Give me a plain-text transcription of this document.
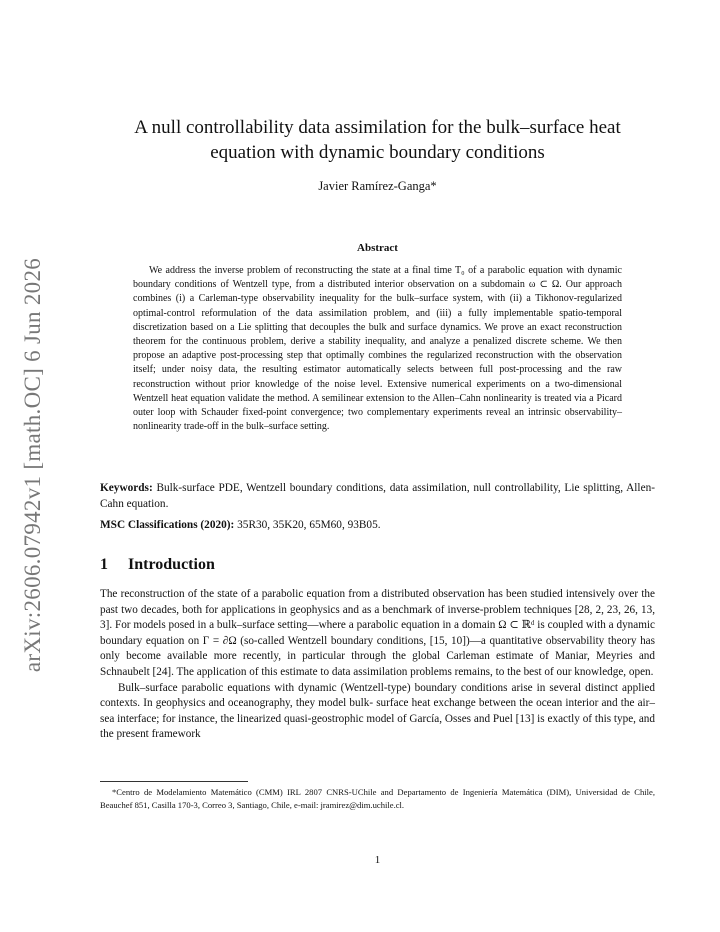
arXiv:2606.07942v1 [math.OC] 6 Jun 2026
A null controllability data assimilation for the bulk–surface heat
equation with dynamic boundary conditions
Javier Ramírez-Ganga*
Abstract
We address the inverse problem of reconstructing the state at a final time T₀ of a parabolic equation with dynamic boundary conditions of Wentzell type, from a distributed interior observation on a subdomain ω ⊂ Ω. Our approach combines (i) a Carleman-type observability inequality for the bulk–surface system, with (ii) a Tikhonov-regularized optimal-control reformulation of the data assimilation problem, and (iii) a fully implementable spatio-temporal discretization based on a Lie splitting that decouples the bulk and surface dynamics. We prove an exact reconstruction theorem for the continuous problem, derive a stability inequality, and analyze a penalized discrete scheme. We then propose an adaptive post-processing step that optimally combines the regularized reconstruction with the observation itself; under noisy data, the resulting estimator automatically selects between full post-processing and the raw reconstruction without prior knowledge of the noise level. Extensive numerical experiments on a two-dimensional Wentzell heat equation validate the method. A semilinear extension to the Allen–Cahn nonlinearity is treated via a Picard outer loop with Schauder fixed-point convergence; two complementary experiments reveal an intrinsic observability–nonlinearity trade-off in the bulk–surface setting.
Keywords: Bulk-surface PDE, Wentzell boundary conditions, data assimilation, null controllability, Lie splitting, Allen-Cahn equation.
MSC Classifications (2020): 35R30, 35K20, 65M60, 93B05.
1 Introduction

The reconstruction of the state of a parabolic equation from a distributed observation has been studied intensively over the past two decades, both for applications in geophysics and as a benchmark of inverse-problem techniques [28, 2, 23, 26, 13, 3]. For models posed in a bulk–surface setting—where a parabolic equation in a domain Ω ⊂ ℝᵈ is coupled with a dynamic boundary equation on Γ = ∂Ω (so-called Wentzell boundary conditions, [15, 10])—a quantitative observability theory has only become available more recently, in particular through the global Carleman estimate of Maniar, Meyries and Schnaubelt [24]. The application of this estimate to data assimilation problems remains, to the best of our knowledge, open.

Bulk–surface parabolic equations with dynamic (Wentzell-type) boundary conditions arise in several distinct applied contexts. In geophysics and oceanography, they model bulk- surface heat exchange between the ocean interior and the air–sea interface; for instance, the linearized quasi-geostrophic model of García, Osses and Puel [13] is exactly of this type, and the present framework

*Centro de Modelamiento Matemático (CMM) IRL 2807 CNRS-UChile and Departamento de Ingeniería Matemática (DIM), Universidad de Chile, Beauchef 851, Casilla 170-3, Correo 3, Santiago, Chile, e-mail: jramirez@dim.uchile.cl.
1
